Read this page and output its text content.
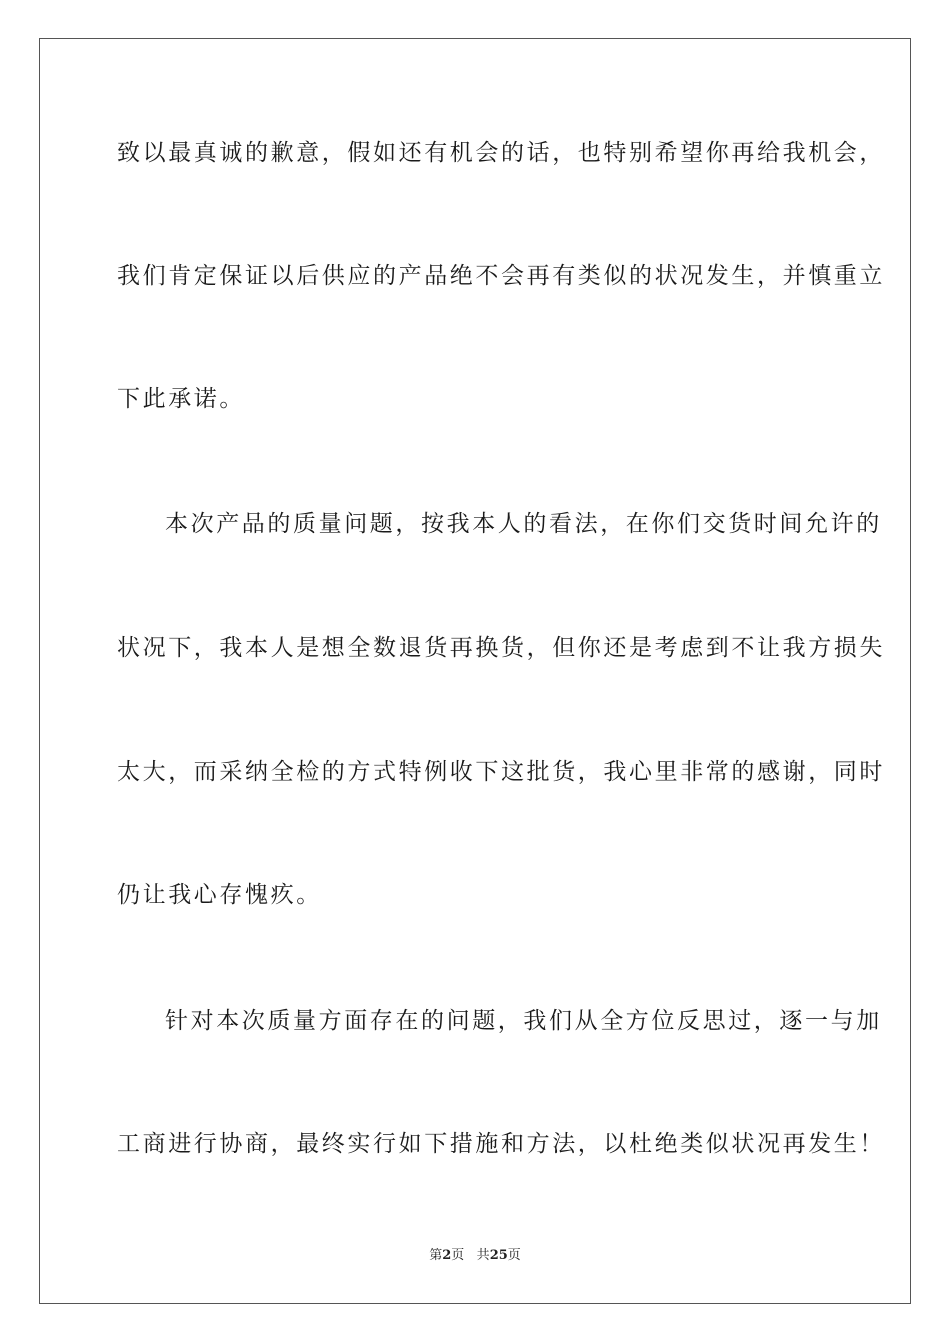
致以最真诚的歉意，假如还有机会的话，也特别希望你再给我机会，
我们肯定保证以后供应的产品绝不会再有类似的状况发生，并慎重立
下此承诺。
本次产品的质量问题，按我本人的看法，在你们交货时间允许的
状况下，我本人是想全数退货再换货，但你还是考虑到不让我方损失
太大，而采纳全检的方式特例收下这批货，我心里非常的感谢，同时
仍让我心存愧疚。
针对本次质量方面存在的问题，我们从全方位反思过，逐一与加
工商进行协商，最终实行如下措施和方法，以杜绝类似状况再发生！
第2页 共25页
